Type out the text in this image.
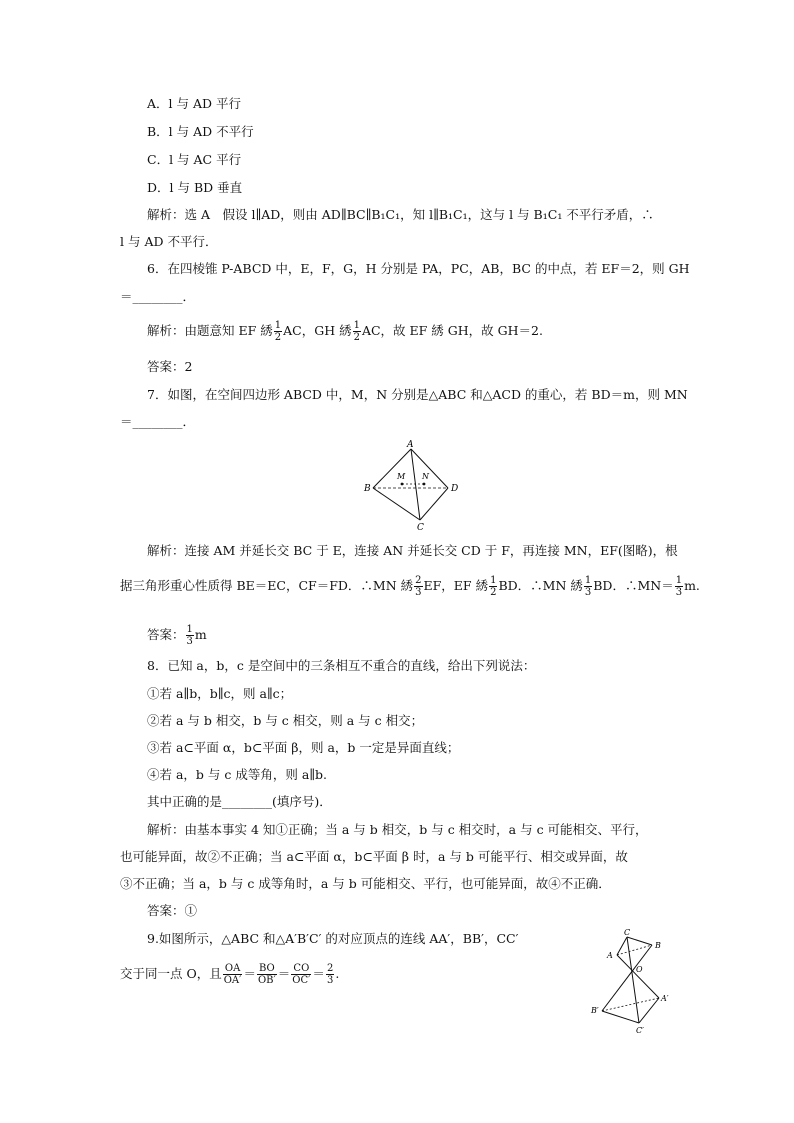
A．l 与 AD 平行
B．l 与 AD 不平行
C．l 与 AC 平行
D．l 与 BD 垂直
解析：选 A　假设 l∥AD，则由 AD∥BC∥B₁C₁，知 l∥B₁C₁，这与 l 与 B₁C₁ 不平行矛盾，∴
l 与 AD 不平行．
6．在四棱锥 P-ABCD 中，E，F，G，H 分别是 PA，PC，AB，BC 的中点，若 EF＝2，则 GH
＝________．
解析：由题意知 EF 綉 $\frac{1}{2}$ AC，GH 綉 $\frac{1}{2}$ AC，故 EF 綉 GH，故 GH＝2.
答案：2
7．如图，在空间四边形 ABCD 中，M，N 分别是△ABC 和△ACD 的重心，若 BD＝m，则 MN
＝________．
A
B
C
D
M N
解析：连接 AM 并延长交 BC 于 E，连接 AN 并延长交 CD 于 F，再连接 MN，EF(图略)，根
据三角形重心性质得 BE＝EC，CF＝FD．∴MN 綉 $\frac{2}{3}$ EF，EF 綉 $\frac{1}{2}$ BD．∴MN 綉 $\frac{1}{3}$ BD．∴MN＝ $\frac{1}{3} m$.
答案： $\frac{1}{3}$ m
8．已知 a，b，c 是空间中的三条相互不重合的直线，给出下列说法：
①若 a∥b，b∥c，则 a∥c；
②若 a 与 b 相交，b 与 c 相交，则 a 与 c 相交；
③若 a⊂平面 α，b⊂平面 β，则 a，b 一定是异面直线；
④若 a，b 与 c 成等角，则 a∥b.
其中正确的是________(填序号)．
解析：由基本事实 4 知①正确；当 a 与 b 相交，b 与 c 相交时，a 与 c 可能相交、平行，
也可能异面，故②不正确；当 a⊂平面 α，b⊂平面 β 时，a 与 b 可能平行、相交或异面，故
③不正确；当 a，b 与 c 成等角时，a 与 b 可能相交、平行，也可能异面，故④不正确．
答案：①
9.如图所示，△ABC 和△A′B′C′ 的对应顶点的连线 AA′，BB′，CC′
交于同一点 O，且 $\frac{OA}{OA'} = \frac{BO}{OB'} = \frac{CO}{OC'} = \frac{2}{3}$ .
C
B
A
O
B′
A′
C′
